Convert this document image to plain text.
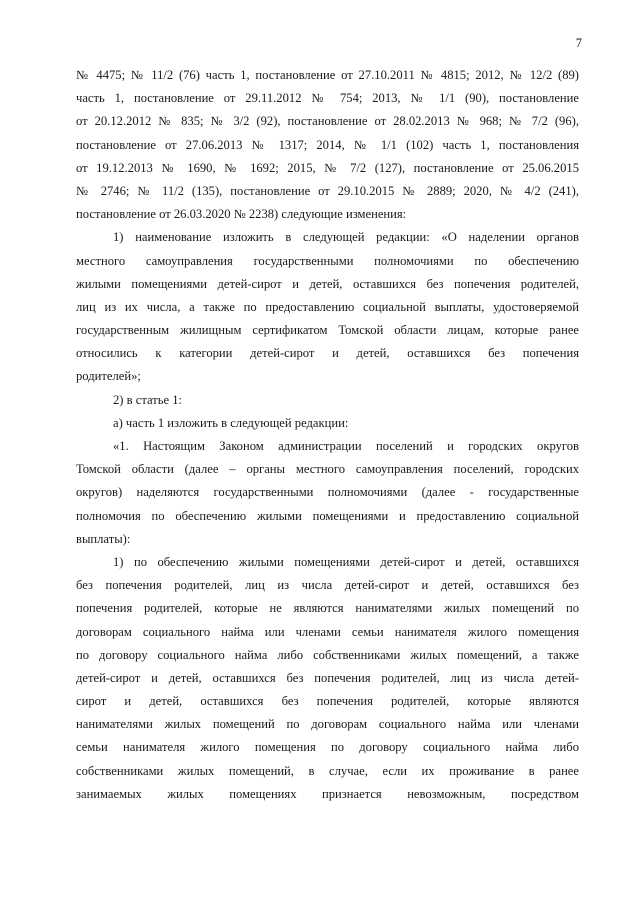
7
№ 4475; № 11/2 (76) часть 1, постановление от 27.10.2011 № 4815; 2012, № 12/2 (89)
часть 1, постановление от 29.11.2012 № 754; 2013, № 1/1 (90), постановление
от 20.12.2012 № 835; № 3/2 (92), постановление от 28.02.2013 № 968; № 7/2 (96),
постановление от 27.06.2013 № 1317; 2014, № 1/1 (102) часть 1, постановления
от 19.12.2013 № 1690, № 1692; 2015, № 7/2 (127), постановление от 25.06.2015
№ 2746; № 11/2 (135), постановление от 29.10.2015 № 2889; 2020, № 4/2 (241),
постановление от 26.03.2020 № 2238) следующие изменения:
1) наименование изложить в следующей редакции: «О наделении органов
местного самоуправления государственными полномочиями по обеспечению
жилыми помещениями детей-сирот и детей, оставшихся без попечения родителей,
лиц из их числа, а также по предоставлению социальной выплаты, удостоверяемой
государственным жилищным сертификатом Томской области лицам, которые ранее
относились к категории детей-сирот и детей, оставшихся без попечения
родителей»;
2) в статье 1:
а) часть 1 изложить в следующей редакции:
«1. Настоящим Законом администрации поселений и городских округов
Томской области (далее – органы местного самоуправления поселений, городских
округов) наделяются государственными полномочиями (далее - государственные
полномочия по обеспечению жилыми помещениями и предоставлению социальной
выплаты):
1) по обеспечению жилыми помещениями детей-сирот и детей, оставшихся
без попечения родителей, лиц из числа детей-сирот и детей, оставшихся без
попечения родителей, которые не являются нанимателями жилых помещений по
договорам социального найма или членами семьи нанимателя жилого помещения
по договору социального найма либо собственниками жилых помещений, а также
детей-сирот и детей, оставшихся без попечения родителей, лиц из числа детей-
сирот и детей, оставшихся без попечения родителей, которые являются
нанимателями жилых помещений по договорам социального найма или членами
семьи нанимателя жилого помещения по договору социального найма либо
собственниками жилых помещений, в случае, если их проживание в ранее
занимаемых жилых помещениях признается невозможным, посредством
